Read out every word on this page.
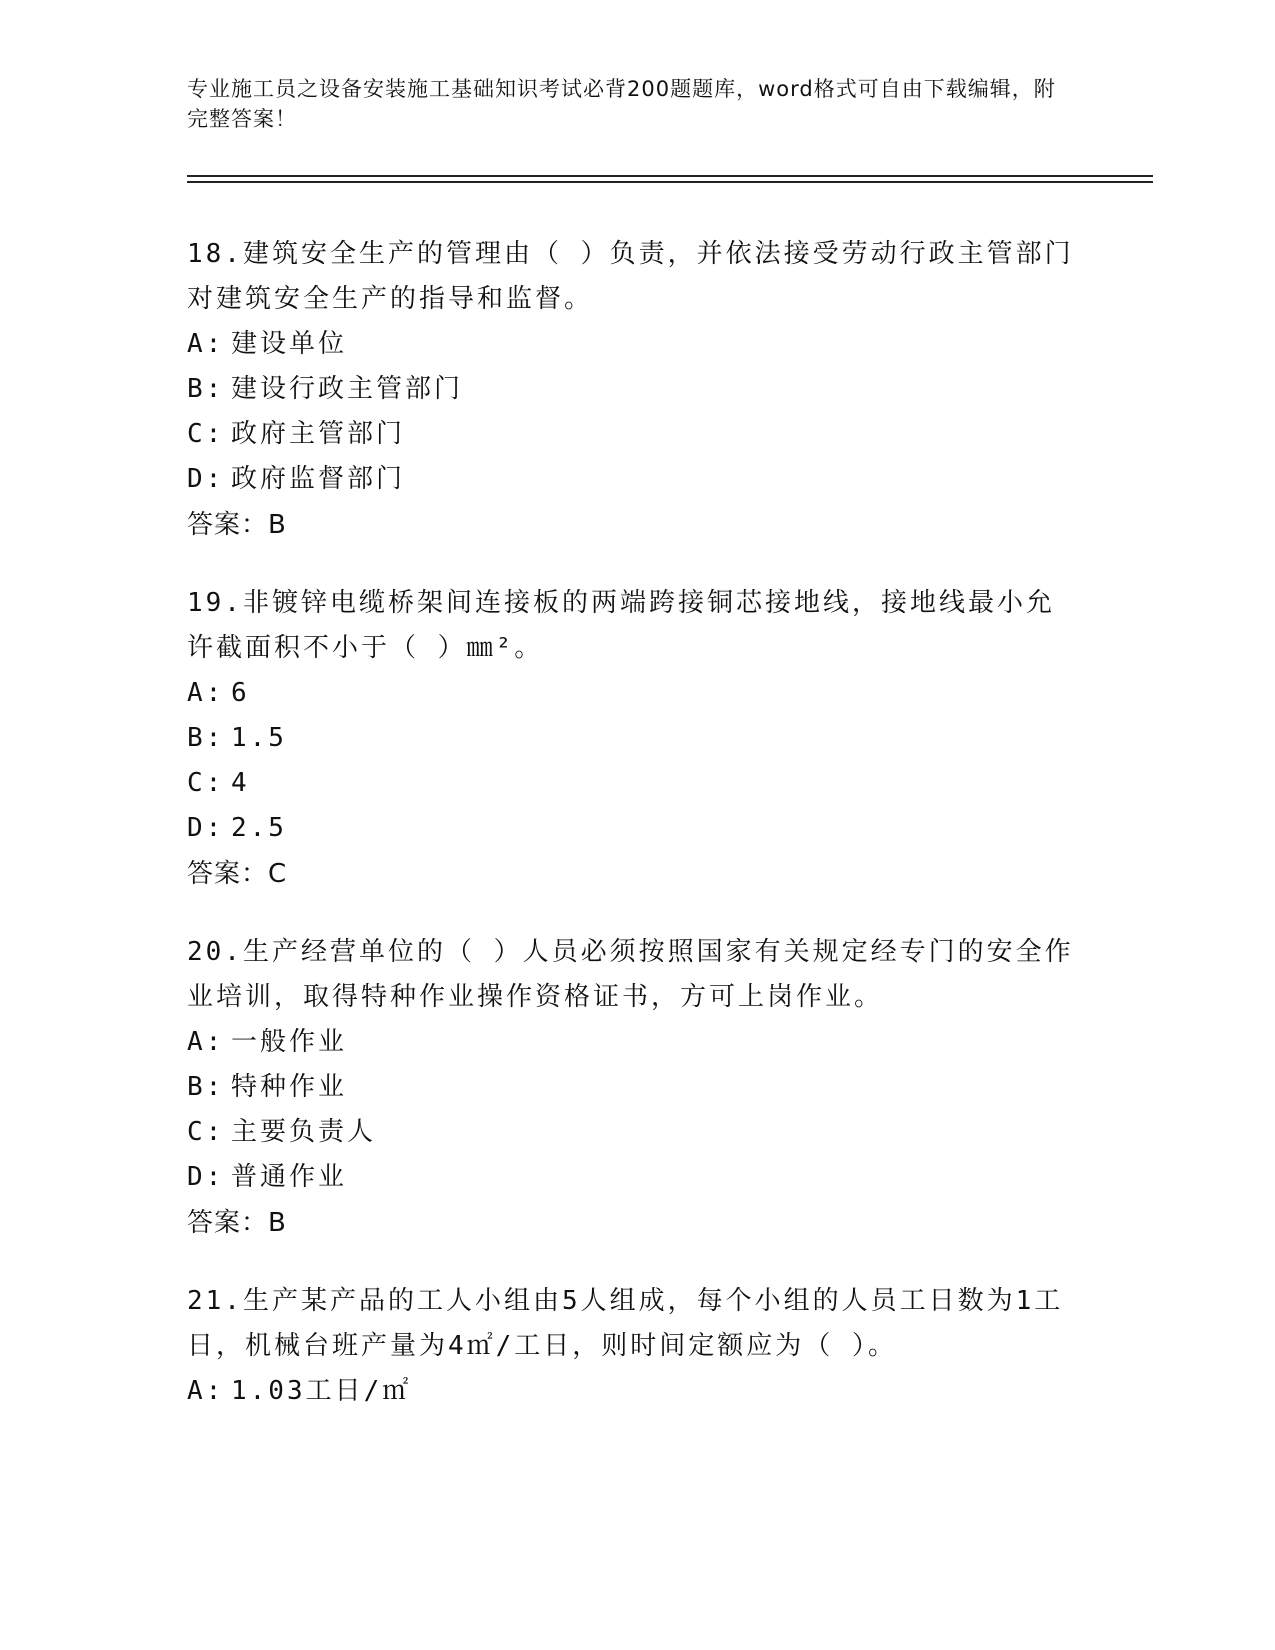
专业施工员之设备安装施工基础知识考试必背200题题库，word格式可自由下载编辑，附完整答案！

18.建筑安全生产的管理由（ ）负责，并依法接受劳动行政主管部门对建筑安全生产的指导和监督。

A: 建设单位

B: 建设行政主管部门

C: 政府主管部门

D: 政府监督部门

答案：B

19.非镀锌电缆桥架间连接板的两端跨接铜芯接地线，接地线最小允许截面积不小于（ ）㎜²。

A: 6

B: 1.5

C: 4

D: 2.5

答案：C

20.生产经营单位的（ ）人员必须按照国家有关规定经专门的安全作业培训，取得特种作业操作资格证书，方可上岗作业。

A: 一般作业

B: 特种作业

C: 主要负责人

D: 普通作业

答案：B

21.生产某产品的工人小组由5人组成，每个小组的人员工日数为1工日，机械台班产量为4㎡/工日，则时间定额应为（ ）。

A: 1.03工日/㎡
